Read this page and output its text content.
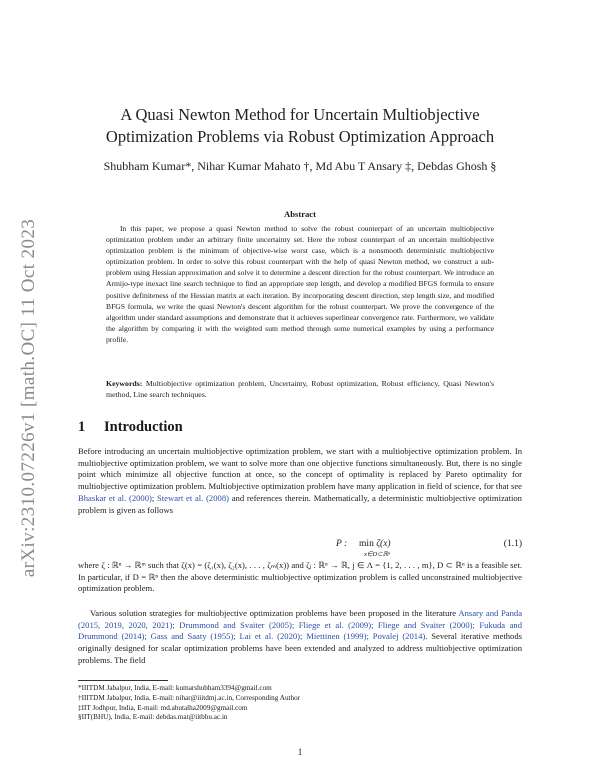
arXiv:2310.07226v1 [math.OC] 11 Oct 2023
A Quasi Newton Method for Uncertain Multiobjective
Optimization Problems via Robust Optimization Approach
Shubham Kumar*, Nihar Kumar Mahato †, Md Abu T Ansary ‡, Debdas Ghosh §
Abstract
In this paper, we propose a quasi Newton method to solve the robust counterpart of an uncertain multiobjective optimization problem under an arbitrary finite uncertainty set. Here the robust counterpart of an uncertain multiobjective optimization problem is the minimum of objective-wise worst case, which is a nonsmooth deterministic multiobjective optimization problem. In order to solve this robust counterpart with the help of quasi Newton method, we construct a sub-problem using Hessian approximation and solve it to determine a descent direction for the robust counterpart. We introduce an Armijo-type inexact line search technique to find an appropriate step length, and develop a modified BFGS formula to ensure positive definiteness of the Hessian matrix at each iteration. By incorporating descent direction, step length size, and modified BFGS formula, we write the quasi Newton's descent algorithm for the robust counterpart. We prove the convergence of the algorithm under standard assumptions and demonstrate that it achieves superlinear convergence rate. Furthermore, we validate the algorithm by comparing it with the weighted sum method through some numerical examples by using a performance profile.
Keywords: Multiobjective optimization problem, Uncertainty, Robust optimization, Robust efficiency, Quasi Newton's method, Line search techniques.
1 Introduction
Before introducing an uncertain multiobjective optimization problem, we start with a multiobjective optimization problem. In multiobjective optimization problem, we want to solve more than one objective functions simultaneously. But, there is no single point which minimize all objective function at once, so the concept of optimality is replaced by Pareto optimality for multiobjective optimization problem. Multiobjective optimization problem have many application in field of science, for that see Bhaskar et al. (2000); Stewart et al. (2008) and references therein. Mathematically, a deterministic multiobjective optimization problem is given as follows
P : min ζ(x)
x∈D⊂ℝⁿ
(1.1)
where ζ : ℝⁿ → ℝᵐ such that ζ(x) = (ζ₁(x), ζ₂(x), . . . , ζₘ(x)) and ζⱼ : ℝⁿ → ℝ, j ∈ Λ = {1, 2, . . . , m}, D ⊂ ℝⁿ is a feasible set. In particular, if D = ℝⁿ then the above deterministic multiobjective optimization problem is called unconstrained multiobjective optimization problem.
Various solution strategies for multiobjective optimization problems have been proposed in the literature Ansary and Panda (2015, 2019, 2020, 2021); Drummond and Svaiter (2005); Fliege et al. (2009); Fliege and Svaiter (2000); Fukuda and Drummond (2014); Gass and Saaty (1955); Lai et al. (2020); Miettinen (1999); Povalej (2014). Several iterative methods originally designed for scalar optimization problems have been extended and analyzed to address multiobjective optimization problems. The field
*IIITDM Jabalpur, India, E-mail: kumarshubham3394@gmail.com
†IIITDM Jabalpur, India, E-mail: nihar@iiitdmj.ac.in, Corresponding Author
‡IIT Jodhpur, India, E-mail: md.abutalha2009@gmail.com
§IIT(BHU), India, E-mail: debdas.mat@iitbhu.ac.in
1
